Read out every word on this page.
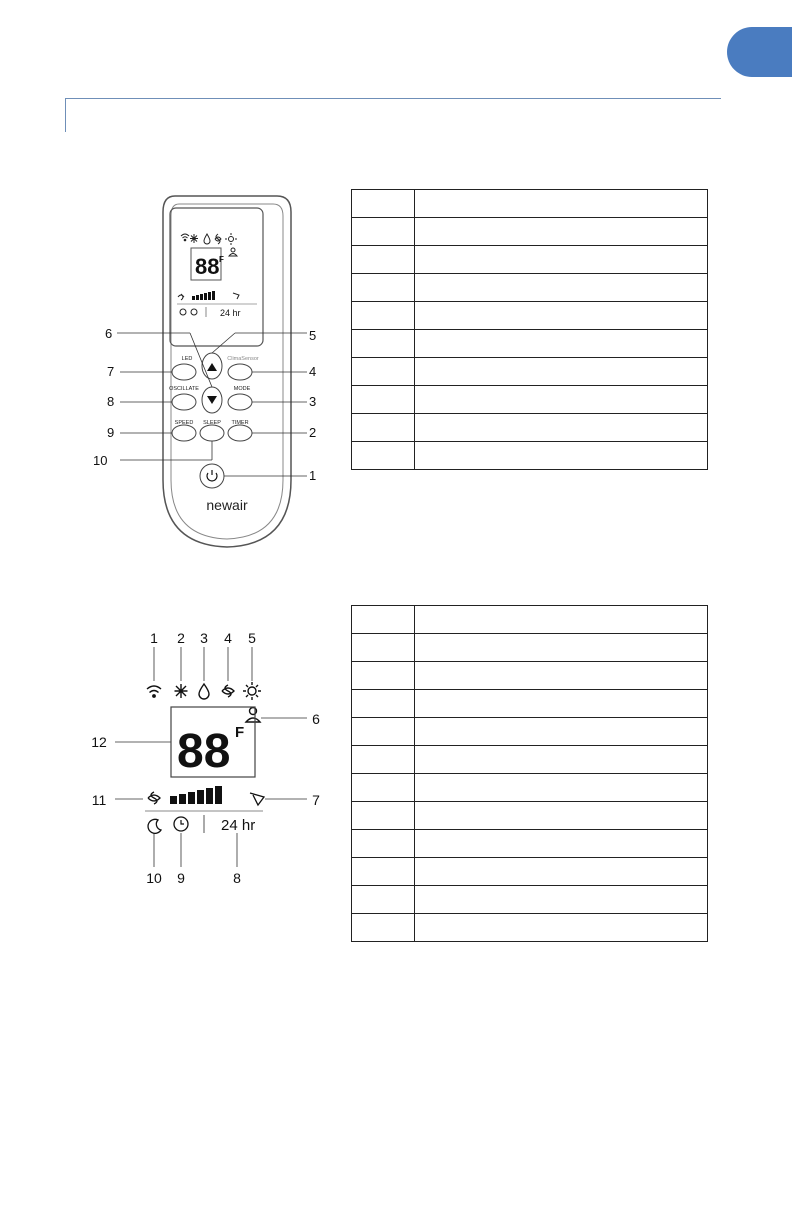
88 F
24 hr
LED	ClimaSensor
OSCILLATE	MODE
SPEED SLEEP TIMER
newair
1
2
3
4
5
6
7
8
9
10

1 2 3 4 5
6
12
11	7
10 9	8
88 F
24 hr
